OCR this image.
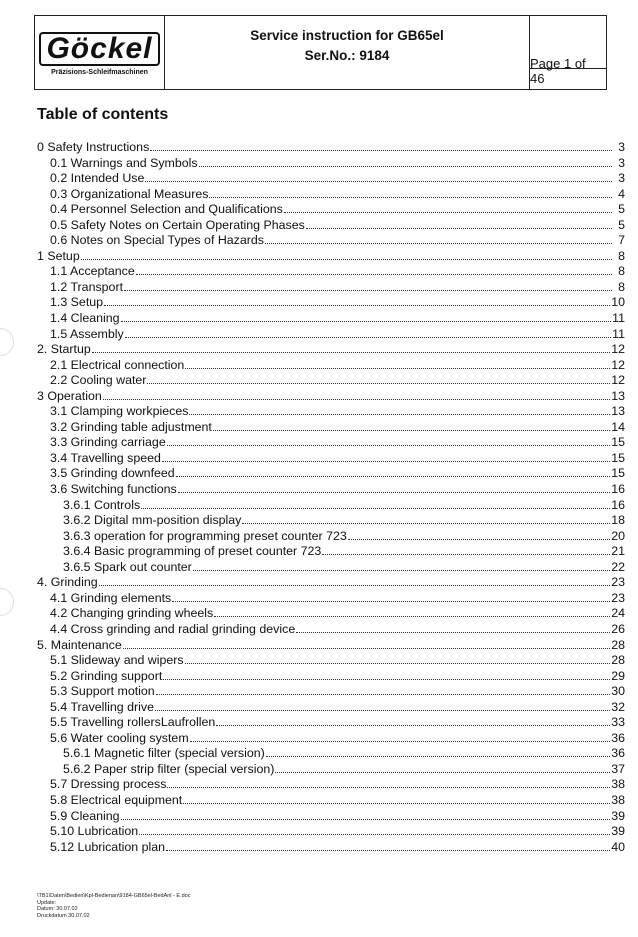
Göckel
Präzisions-Schleifmaschinen
Service instruction for GB65el
Ser.No.: 9184
Page 1 of 46
Table of contents
0 Safety Instructions	3
0.1 Warnings and Symbols	3
0.2 Intended Use	3
0.3 Organizational Measures	4
0.4 Personnel Selection and Qualifications	5
0.5 Safety Notes on Certain Operating Phases	5
0.6 Notes on Special Types of Hazards	7
1 Setup	8
1.1 Acceptance	8
1.2 Transport	8
1.3 Setup	10
1.4 Cleaning	11
1.5 Assembly	11
2. Startup	12
2.1 Electrical connection	12
2.2 Cooling water	12
3 Operation	13
3.1 Clamping workpieces	13
3.2 Grinding table adjustment	14
3.3 Grinding carriage	15
3.4 Travelling speed	15
3.5 Grinding downfeed	15
3.6 Switching functions	16
3.6.1 Controls	16
3.6.2 Digital mm-position display	18
3.6.3 operation for programming preset counter 723	20
3.6.4 Basic programming of preset counter 723	21
3.6.5 Spark out counter	22
4. Grinding	23
4.1 Grinding elements	23
4.2 Changing grinding wheels	24
4.4 Cross grinding and radial grinding device	26
5. Maintenance	28
5.1 Slideway and wipers	28
5.2 Grinding support	29
5.3 Support motion	30
5.4 Travelling drive	32
5.5 Travelling rollersLaufrollen	33
5.6 Water cooling system	36
5.6.1 Magnetic filter (special version)	36
5.6.2 Paper strip filter (special version)	37
5.7 Dressing process	38
5.8 Electrical equipment	38
5.9 Cleaning	39
5.10 Lubrication	39
5.12 Lubrication plan	40
\TB1\Daten\Bedien\Kpl-Bedienan\9184-GB65el-BedAnl - E.doc
Update:
Datum: 30.07.02
Druckdatum 30.07.02
